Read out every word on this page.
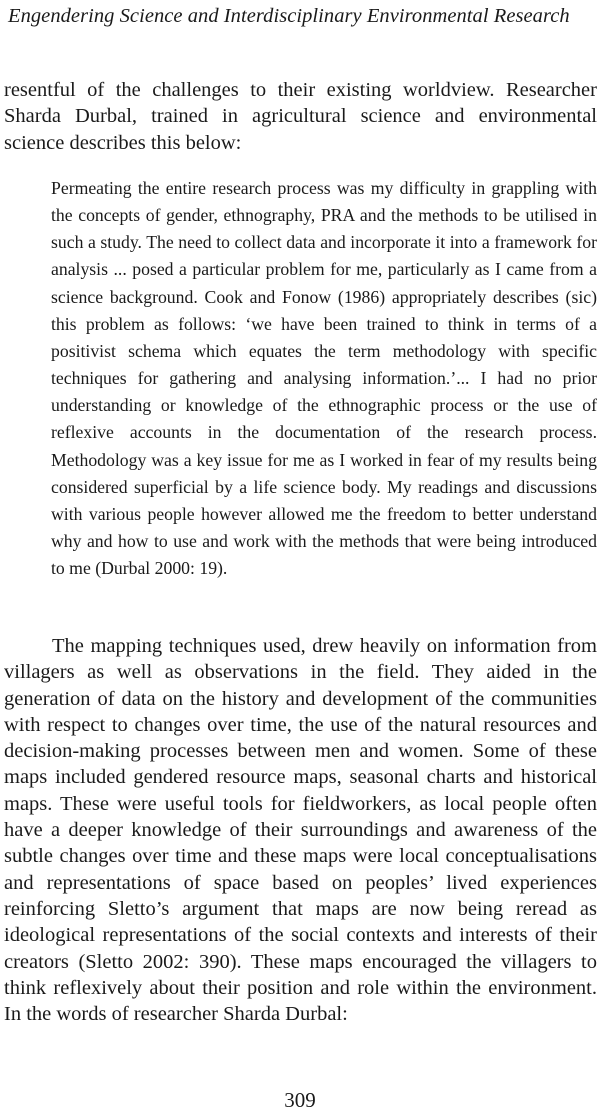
Engendering Science and Interdisciplinary Environmental Research

resentful of the challenges to their existing worldview. Researcher Sharda Durbal, trained in agricultural science and environmental science describes this below:

Permeating the entire research process was my difficulty in grappling with the concepts of gender, ethnography, PRA and the methods to be utilised in such a study. The need to collect data and incorporate it into a framework for analysis ... posed a particular problem for me, particularly as I came from a science background. Cook and Fonow (1986) appropriately describes (sic) this problem as follows: ‘we have been trained to think in terms of a positivist schema which equates the term methodology with specific techniques for gathering and analysing information.’... I had no prior understanding or knowledge of the ethnographic process or the use of reflexive accounts in the documentation of the research process. Methodology was a key issue for me as I worked in fear of my results being considered superficial by a life science body. My readings and discussions with various people however allowed me the freedom to better understand why and how to use and work with the methods that were being introduced to me (Durbal 2000: 19).

The mapping techniques used, drew heavily on information from villagers as well as observations in the field. They aided in the generation of data on the history and development of the communities with respect to changes over time, the use of the natural resources and decision-making processes between men and women. Some of these maps included gendered resource maps, seasonal charts and historical maps. These were useful tools for fieldworkers, as local people often have a deeper knowledge of their surroundings and awareness of the subtle changes over time and these maps were local conceptualisations and representations of space based on peoples’ lived experiences reinforcing Sletto’s argument that maps are now being reread as ideological representations of the social contexts and interests of their creators (Sletto 2002: 390). These maps encouraged the villagers to think reflexively about their position and role within the environment. In the words of researcher Sharda Durbal:

309
